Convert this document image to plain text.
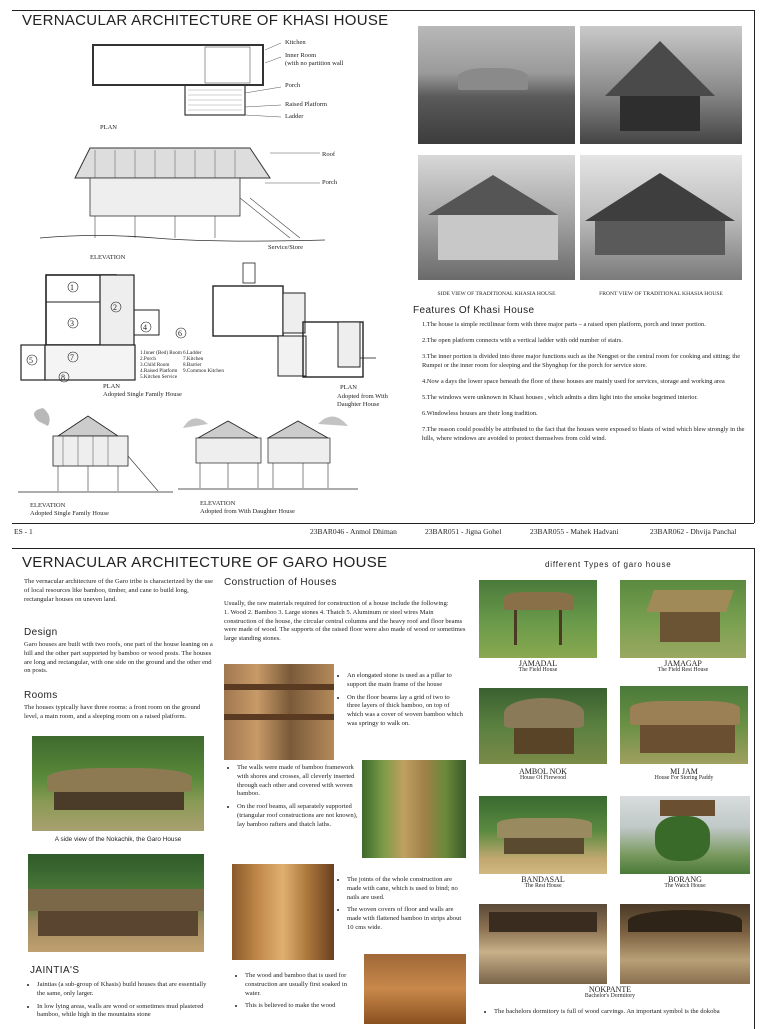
VERNACULAR ARCHITECTURE OF KHASI HOUSE
Kitchen
Inner Room
(with no partition wall
Porch
Raised Platform
Ladder
PLAN
Roof
Porch
Service/Store
ELEVATION
1
2
3	4
5
6
7
8
1.Inner (Bed) Room
2.Porch
3.Child Room
4.Raised Platform
5.Kitchen Service
6.Ladder
7.Kitchen
8.Barrier
9.Common Kitchen
PLAN
Adopted Single Family House
PLAN
Adopted from With Daughter House
ELEVATION
Adopted Single Family House
ELEVATION
Adopted from With Daughter House
SIDE VIEW OF TRADITIONAL KHASIA HOUSE	FRONT VIEW OF TRADITIONAL KHASIA HOUSE
Features Of Khasi House
1.The house is simple rectilinear form with three major parts – a raised open platform, porch and inner portion.
2.The open platform connects with a vertical ladder with odd number of stairs.
3.The inner portion is divided into three major functions such as the Nengpei or the central room for cooking and sitting; the Rumpei or the inner room for sleeping and the Shynghup for the porch for service store.
4.Now a days the lower space beneath the floor of these houses are mainly used for services, storage and working area
5.The windows were unknown in Khasi houses , which admits a dim light into the smoke begrimed interior.
6.Windowless houses are their long tradition.
7.The reason could possibly be attributed to the fact that the houses were exposed to blasts of wind which blew strongly in the hills, where windows are avoided to protect themselves from cold wind.
ES - 1	23BAR046 - Anmol Dhiman	23BAR051 - Jigna Gohel	23BAR055 - Mahek Hadvani	23BAR062 - Dhvija Panchal
VERNACULAR ARCHITECTURE OF GARO HOUSE
The vernacular architecture of the Garo tribe is characterized by the use of local resources like bamboo, timber, and cane to build long, rectangular houses on uneven land.
Design
Garo houses are built with two roofs, one part of the house leaning on a hill and the other part supported by bamboo or wood posts. The houses are long and rectangular, with one side on the ground and the other end on posts.
Rooms
The houses typically have three rooms: a front room on the ground level, a main room, and a sleeping room on a raised platform.
A side view of the Nokachik, the Garo House
JAINTIA'S
• Jaintias (a sub-group of Khasis) build houses that are essentially the same, only larger.
• In low lying areas, walls are wood or sometimes mud plastered bamboo, while high in the mountains stone
Construction of Houses
Usually, the raw materials required for construction of a house include the following:
1. Wood 2. Bamboo 3. Large stones 4. Thatch 5. Aluminum or steel wires Main construction of the house, the circular central columns and the heavy roof and floor beams were made of wood. The supports of the raised floor were also made of wood or sometimes large standing stones.
• An elongated stone is used as a pillar to support the main frame of the house
• On the floor beams lay a grid of two to three layers of thick bamboo, on top of which was a cover of woven bamboo which was springy to walk on.
• The walls were made of bamboo framework with shores and crosses, all cleverly inserted through each other and covered with woven bamboo.
• On the roof beams, all separately supported (triangular roof constructions are not known), lay bamboo rafters and thatch laths.
• The joints of the whole construction are made with cane, which is used to bind; no nails are used.
• The woven covers of floor and walls are made with flattened bamboo in strips about 10 cms wide.
• The wood and bamboo that is used for construction are usually first soaked in water.
• This is believed to make the wood
different Types of garo house
JAMADAL
The Field House
JAMAGAP
The Field Rest House
AMBOL NOK
House Of Firewood
MI JAM
House For Storing Paddy
BANDASAL
The Rest House
BORANG
The Watch House
NOKPANTE
Bachelor's Dormitory
• The bachelors dormitory is full of wood carvings. An important symbol is the dokoba
